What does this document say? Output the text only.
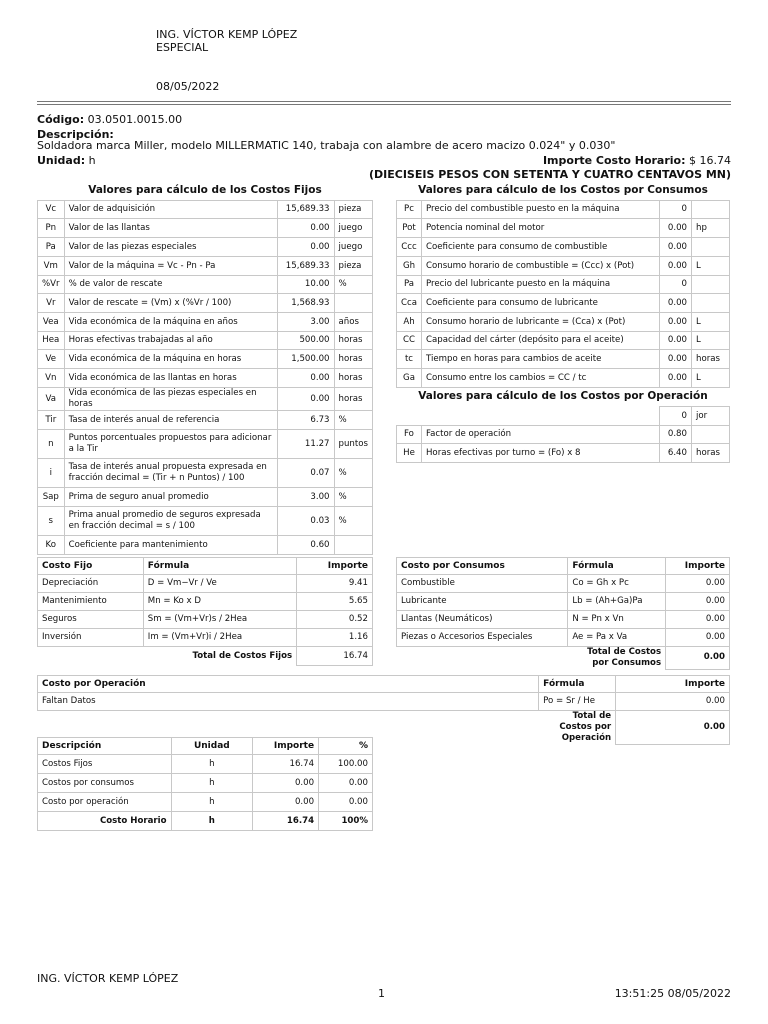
ING. VÍCTOR KEMP LÓPEZ
ESPECIAL
08/05/2022
Código: 03.0501.0015.00
Descripción:
Soldadora marca Miller, modelo MILLERMATIC 140, trabaja con alambre de acero macizo 0.024" y 0.030"
Unidad: h	Importe Costo Horario: $ 16.74
(DIECISEIS PESOS CON SETENTA Y CUATRO CENTAVOS MN)
Valores para cálculo de los Costos Fijos	Valores para cálculo de los Costos por Consumos
Vc	Valor de adquisición	15,689.33	pieza
Pn	Valor de las llantas	0.00	juego
Pa	Valor de las piezas especiales	0.00	juego
Vm	Valor de la máquina = Vc - Pn - Pa	15,689.33	pieza
%Vr	% de valor de rescate	10.00	%
Vr	Valor de rescate = (Vm) x (%Vr / 100)	1,568.93	
Vea	Vida económica de la máquina en años	3.00	años
Hea	Horas efectivas trabajadas al año	500.00	horas
Ve	Vida económica de la máquina en horas	1,500.00	horas
Vn	Vida económica de las llantas en horas	0.00	horas
Va	Vida económica de las piezas especiales en horas	0.00	horas
Tir	Tasa de interés anual de referencia	6.73	%
n	Puntos porcentuales propuestos para adicionar a la Tir	11.27	puntos
i	Tasa de interés anual propuesta expresada en fracción decimal = (Tir + n Puntos) / 100	0.07	%
Sap	Prima de seguro anual promedio	3.00	%
s	Prima anual promedio de seguros expresada en fracción decimal = s / 100	0.03	%
Ko	Coeficiente para mantenimiento	0.60	
Pc	Precio del combustible puesto en la máquina	0	
Pot	Potencia nominal del motor	0.00	hp
Ccc	Coeficiente para consumo de combustible	0.00	
Gh	Consumo horario de combustible = (Ccc) x (Pot)	0.00	L
Pa	Precio del lubricante puesto en la máquina	0	
Cca	Coeficiente para consumo de lubricante	0.00	
Ah	Consumo horario de lubricante = (Cca) x (Pot)	0.00	L
CC	Capacidad del cárter (depósito para el aceite)	0.00	L
tc	Tiempo en horas para cambios de aceite	0.00	horas
Ga	Consumo entre los cambios = CC / tc	0.00	L
Valores para cálculo de los Costos por Operación
		0	jor
Fo	Factor de operación	0.80	
He	Horas efectivas por turno = (Fo) x 8	6.40	horas
Costo Fijo	Fórmula	Importe
Depreciación	D = Vm−Vr / Ve	9.41
Mantenimiento	Mn = Ko x D	5.65
Seguros	Sm = (Vm+Vr)s / 2Hea	0.52
Inversión	Im = (Vm+Vr)i / 2Hea	1.16
	Total de Costos Fijos	16.74
Costo por Consumos	Fórmula	Importe
Combustible	Co = Gh x Pc	0.00
Lubricante	Lb = (Ah+Ga)Pa	0.00
Llantas (Neumáticos)	N = Pn x Vn	0.00
Piezas o Accesorios Especiales	Ae = Pa x Va	0.00
	Total de Costos por Consumos	0.00
Costo por Operación	Fórmula	Importe
Faltan Datos	Po = Sr / He	0.00
	Total de Costos por Operación	0.00
Descripción	Unidad	Importe	%
Costos Fijos	h	16.74	100.00
Costos por consumos	h	0.00	0.00
Costo por operación	h	0.00	0.00
Costo Horario	h	16.74	100%
ING. VÍCTOR KEMP LÓPEZ
1	13:51:25 08/05/2022
